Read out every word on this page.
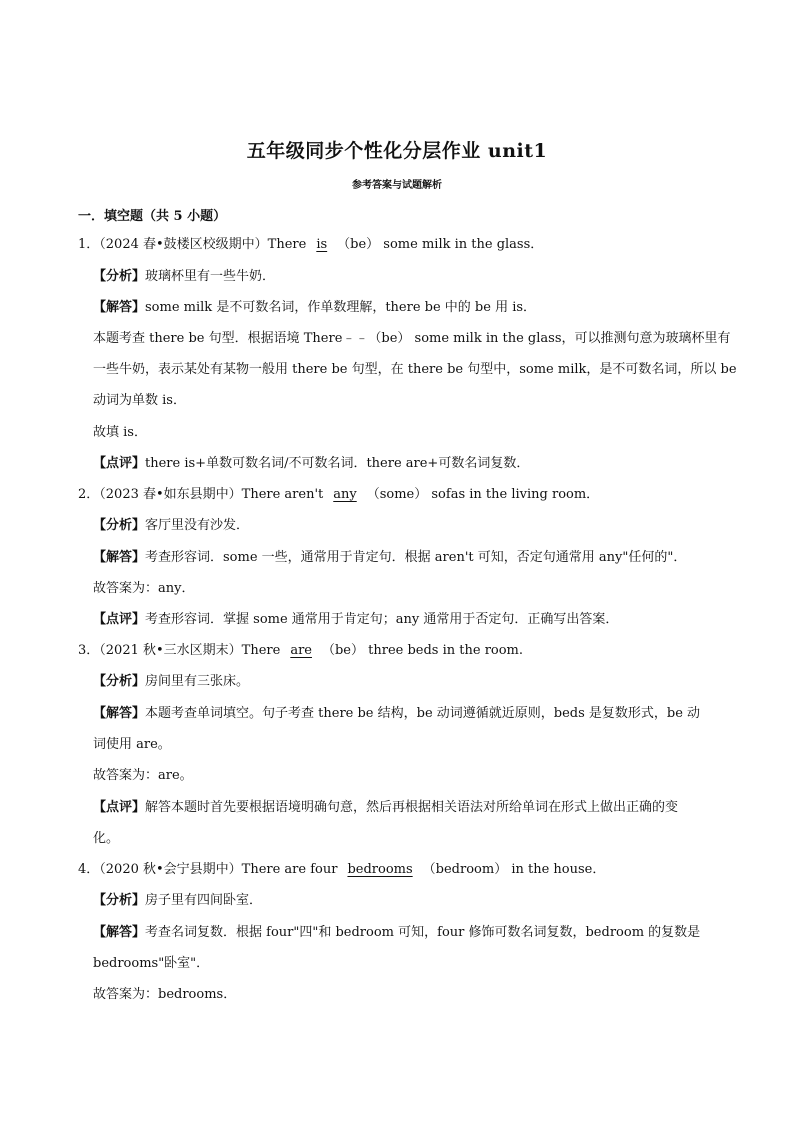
五年级同步个性化分层作业 unit1
参考答案与试题解析
一．填空题（共 5 小题）
1．（2024 春•鼓楼区校级期中）There is （be） some milk in the glass．
【分析】玻璃杯里有一些牛奶．
【解答】some milk 是不可数名词，作单数理解，there be 中的 be 用 is．
本题考查 there be 句型．根据语境 There﹣﹣（be） some milk in the glass，可以推测句意为玻璃杯里有
一些牛奶，表示某处有某物一般用 there be 句型，在 there be 句型中，some milk，是不可数名词，所以 be
动词为单数 is．
故填 is．
【点评】there is+单数可数名词/不可数名词．there are+可数名词复数．
2．（2023 春•如东县期中）There aren't any （some） sofas in the living room．
【分析】客厅里没有沙发．
【解答】考查形容词．some 一些，通常用于肯定句．根据 aren't 可知，否定句通常用 any"任何的"．
故答案为：any．
【点评】考查形容词．掌握 some 通常用于肯定句；any 通常用于否定句．正确写出答案．
3．（2021 秋•三水区期末）There are （be） three beds in the room.
【分析】房间里有三张床。
【解答】本题考查单词填空。句子考查 there be 结构，be 动词遵循就近原则，beds 是复数形式，be 动
词使用 are。
故答案为：are。
【点评】解答本题时首先要根据语境明确句意，然后再根据相关语法对所给单词在形式上做出正确的变
化。
4．（2020 秋•会宁县期中）There are four bedrooms （bedroom） in the house．
【分析】房子里有四间卧室．
【解答】考查名词复数．根据 four"四"和 bedroom 可知，four 修饰可数名词复数，bedroom 的复数是
bedrooms"卧室"．
故答案为：bedrooms．
